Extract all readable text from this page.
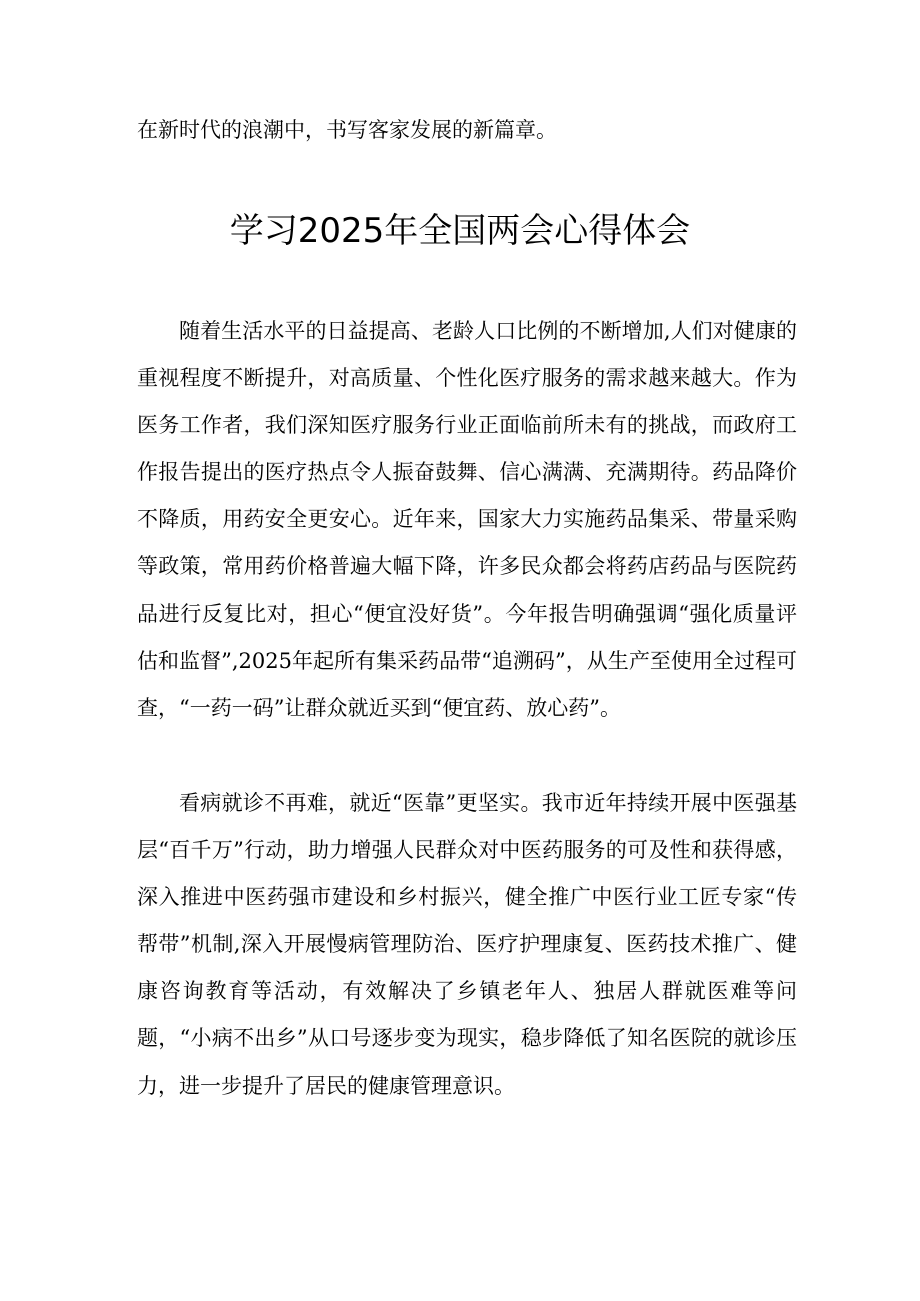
在新时代的浪潮中，书写客家发展的新篇章。

学习2025年全国两会心得体会

随着生活水平的日益提高、老龄人口比例的不断增加,人们对健康的重视程度不断提升，对高质量、个性化医疗服务的需求越来越大。作为医务工作者，我们深知医疗服务行业正面临前所未有的挑战，而政府工作报告提出的医疗热点令人振奋鼓舞、信心满满、充满期待。药品降价不降质，用药安全更安心。近年来，国家大力实施药品集采、带量采购等政策，常用药价格普遍大幅下降，许多民众都会将药店药品与医院药品进行反复比对，担心“便宜没好货”。今年报告明确强调“强化质量评估和监督”,2025年起所有集采药品带“追溯码”，从生产至使用全过程可查，“一药一码”让群众就近买到“便宜药、放心药”。

看病就诊不再难，就近“医靠”更坚实。我市近年持续开展中医强基层“百千万”行动，助力增强人民群众对中医药服务的可及性和获得感，深入推进中医药强市建设和乡村振兴，健全推广中医行业工匠专家“传帮带”机制,深入开展慢病管理防治、医疗护理康复、医药技术推广、健康咨询教育等活动，有效解决了乡镇老年人、独居人群就医难等问题，“小病不出乡”从口号逐步变为现实，稳步降低了知名医院的就诊压力，进一步提升了居民的健康管理意识。
